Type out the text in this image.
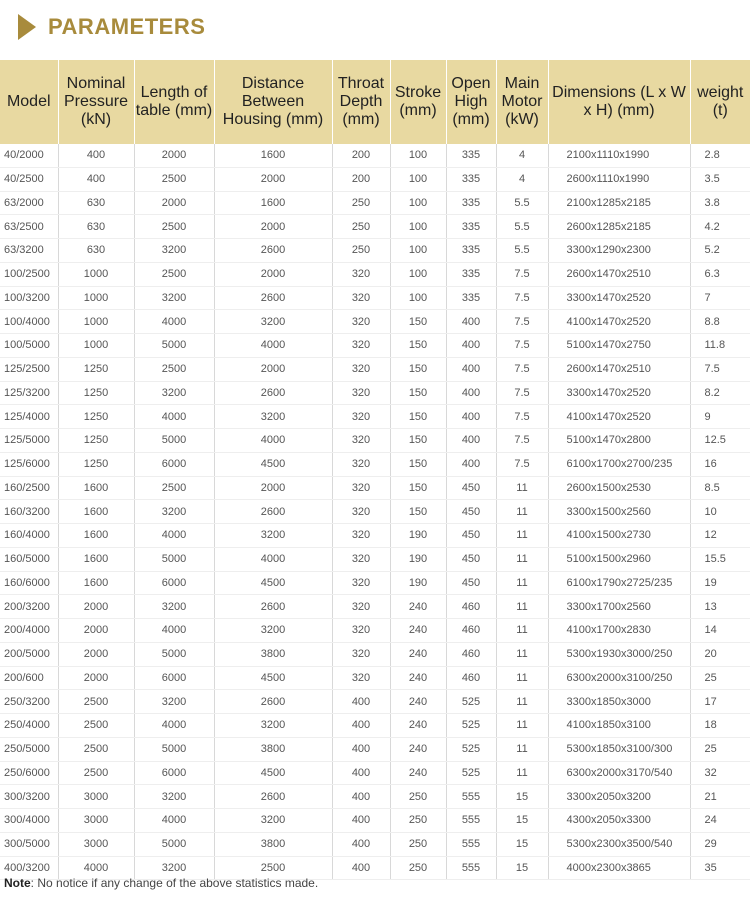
PARAMETERS
Model	Nominal Pressure (kN)	Length of table (mm)	Distance Between Housing (mm)	Throat Depth (mm)	Stroke (mm)	Open High (mm)	Main Motor (kW)	Dimensions (L x W x H) (mm)	weight (t)
40/2000	400	2000	1600	200	100	335	4	2100x1110x1990	2.8
40/2500	400	2500	2000	200	100	335	4	2600x1110x1990	3.5
63/2000	630	2000	1600	250	100	335	5.5	2100x1285x2185	3.8
63/2500	630	2500	2000	250	100	335	5.5	2600x1285x2185	4.2
63/3200	630	3200	2600	250	100	335	5.5	3300x1290x2300	5.2
100/2500	1000	2500	2000	320	100	335	7.5	2600x1470x2510	6.3
100/3200	1000	3200	2600	320	100	335	7.5	3300x1470x2520	7
100/4000	1000	4000	3200	320	150	400	7.5	4100x1470x2520	8.8
100/5000	1000	5000	4000	320	150	400	7.5	5100x1470x2750	11.8
125/2500	1250	2500	2000	320	150	400	7.5	2600x1470x2510	7.5
125/3200	1250	3200	2600	320	150	400	7.5	3300x1470x2520	8.2
125/4000	1250	4000	3200	320	150	400	7.5	4100x1470x2520	9
125/5000	1250	5000	4000	320	150	400	7.5	5100x1470x2800	12.5
125/6000	1250	6000	4500	320	150	400	7.5	6100x1700x2700/235	16
160/2500	1600	2500	2000	320	150	450	11	2600x1500x2530	8.5
160/3200	1600	3200	2600	320	150	450	11	3300x1500x2560	10
160/4000	1600	4000	3200	320	190	450	11	4100x1500x2730	12
160/5000	1600	5000	4000	320	190	450	11	5100x1500x2960	15.5
160/6000	1600	6000	4500	320	190	450	11	6100x1790x2725/235	19
200/3200	2000	3200	2600	320	240	460	11	3300x1700x2560	13
200/4000	2000	4000	3200	320	240	460	11	4100x1700x2830	14
200/5000	2000	5000	3800	320	240	460	11	5300x1930x3000/250	20
200/600	2000	6000	4500	320	240	460	11	6300x2000x3100/250	25
250/3200	2500	3200	2600	400	240	525	11	3300x1850x3000	17
250/4000	2500	4000	3200	400	240	525	11	4100x1850x3100	18
250/5000	2500	5000	3800	400	240	525	11	5300x1850x3100/300	25
250/6000	2500	6000	4500	400	240	525	11	6300x2000x3170/540	32
300/3200	3000	3200	2600	400	250	555	15	3300x2050x3200	21
300/4000	3000	4000	3200	400	250	555	15	4300x2050x3300	24
300/5000	3000	5000	3800	400	250	555	15	5300x2300x3500/540	29
400/3200	4000	3200	2500	400	250	555	15	4000x2300x3865	35
Note: No notice if any change of the above statistics made.
